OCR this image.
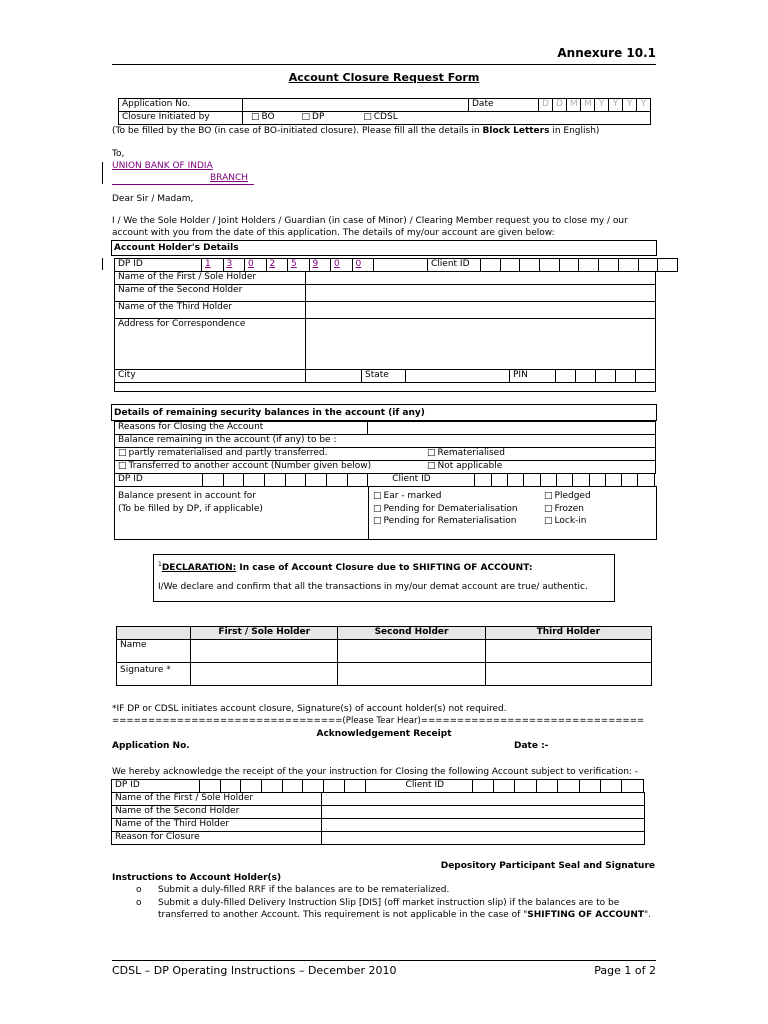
Annexure 10.1
Account Closure Request Form
Application No.		Date	D	D	M	M	Y	Y	Y	Y
Closure Initiated by	□BO □ DP □ CDSL
(To be filled by the BO (in case of BO-initiated closure). Please fill all the details in Block Letters in English)
To,
UNION BANK OF INDIA
BRANCH
Dear Sir / Madam,
I / We the Sole Holder / Joint Holders / Guardian (in case of Minor) / Clearing Member request you to close my / our
account with you from the date of this application. The details of my/our account are given below:
Account Holder's Details
DP ID	1	3	0	2	5	9	0	0		Client ID										
Name of the First / Sole Holder									
Name of the Second Holder									
Name of the Third Holder									
Address for Correspondence									
City		State		PIN					

Details of remaining security balances in the account (if any)
Reasons for Closing the Account	
Balance remaining in the account (if any) to be :
□ partly rematerialised and partly transferred. □	Rematerialised

□ Transferred to another account (Number given below) □	Not applicable
DP ID									Client ID											
Balance present in account for
(To be filled by DP, if applicable)
□ Ear - marked
□ Pending for Dematerialisation
□ Pending for Rematerialisation
□ Pledged
□ Frozen
□ Lock-in
$^1$DECLARATION: In case of Account Closure due to SHIFTING OF ACCOUNT:
I/We declare and confirm that all the transactions in my/our demat account are true/ authentic.
	First / Sole Holder	Second Holder	Third Holder
Name			
Signature *			
*IF DP or CDSL initiates account closure, Signature(s) of account holder(s) not required.
================================(Please Tear Hear)===============================
Acknowledgement Receipt
Application No.	Date :-
We hereby acknowledge the receipt of the your instruction for Closing the following Account subject to verification: -
DP ID									Client ID								
Name of the First / Sole Holder	
Name of the Second Holder	
Name of the Third Holder	
Reason for Closure	
Depository Participant Seal and Signature
Instructions to Account Holder(s)
o Submit a duly-filled RRF if the balances are to be rematerialized.
o Submit a duly-filled Delivery Instruction Slip [DIS] (off market instruction slip) if the balances are to be
transferred to another Account. This requirement is not applicable in the case of "SHIFTING OF ACCOUNT".
CDSL – DP Operating Instructions – December 2010	Page 1 of 2
